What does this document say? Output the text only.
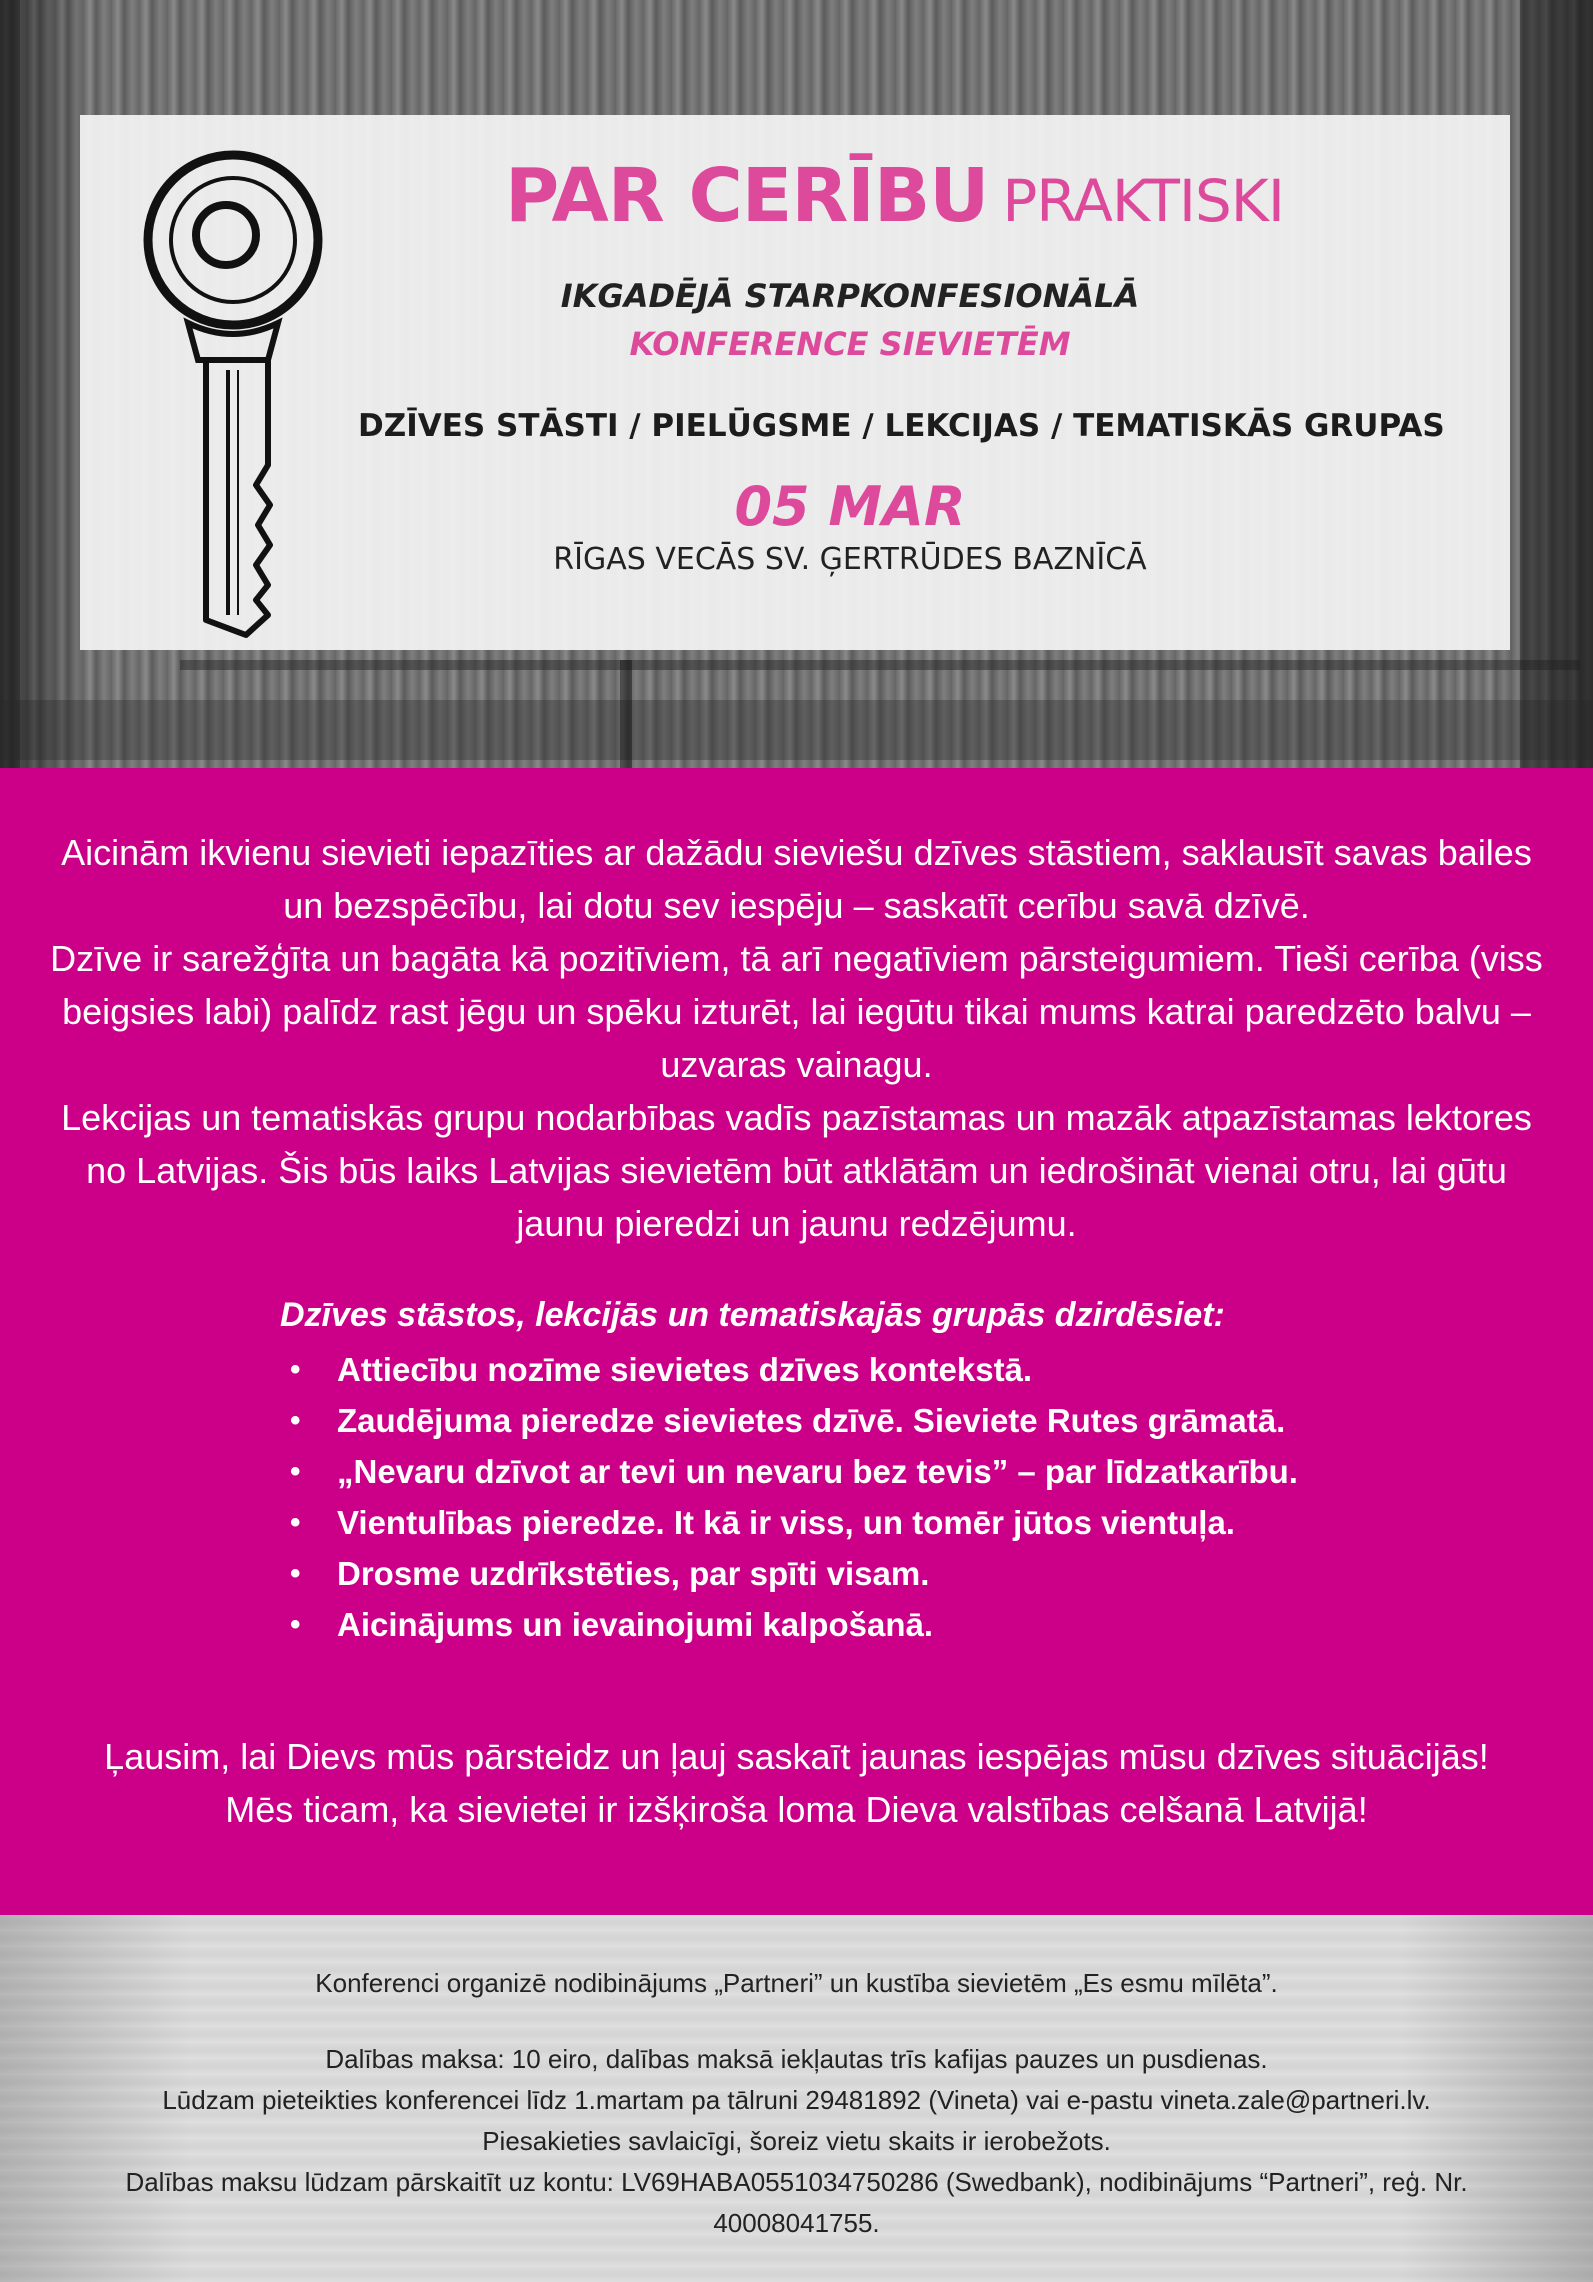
PAR CERĪBU PRAKTISKI
IKGADĒJĀ STARPKONFESIONĀLĀ
KONFERENCE SIEVIETĒM
DZĪVES STĀSTI / PIELŪGSME / LEKCIJAS / TEMATISKĀS GRUPAS
05 MAR
RĪGAS VECĀS SV. ĢERTRŪDES BAZNĪCĀ

Aicinām ikvienu sievieti iepazīties ar dažādu sieviešu dzīves stāstiem, saklausīt savas bailes un bezspēcību, lai dotu sev iespēju – saskatīt cerību savā dzīvē.

Dzīve ir sarežģīta un bagāta kā pozitīviem, tā arī negatīviem pārsteigumiem. Tieši cerība (viss beigsies labi) palīdz rast jēgu un spēku izturēt, lai iegūtu tikai mums katrai paredzēto balvu – uzvaras vainagu.

Lekcijas un tematiskās grupu nodarbības vadīs pazīstamas un mazāk atpazīstamas lektores no Latvijas. Šis būs laiks Latvijas sievietēm būt atklātām un iedrošināt vienai otru, lai gūtu jaunu pieredzi un jaunu redzējumu.

Dzīves stāstos, lekcijās un tematiskajās grupās dzirdēsiet:

• Attiecību nozīme sievietes dzīves kontekstā.
• Zaudējuma pieredze sievietes dzīvē. Sieviete Rutes grāmatā.
• „Nevaru dzīvot ar tevi un nevaru bez tevis” – par līdzatkarību.
• Vientulības pieredze. It kā ir viss, un tomēr jūtos vientuļa.
• Drosme uzdrīkstēties, par spīti visam.
• Aicinājums un ievainojumi kalpošanā.

Ļausim, lai Dievs mūs pārsteidz un ļauj saskaīt jaunas iespējas mūsu dzīves situācijās!

Mēs ticam, ka sievietei ir izšķiroša loma Dieva valstības celšanā Latvijā!

Konferenci organizē nodibinājums „Partneri” un kustība sievietēm „Es esmu mīlēta”.

Dalības maksa: 10 eiro, dalības maksā iekļautas trīs kafijas pauzes un pusdienas.

Lūdzam pieteikties konferencei līdz 1.martam pa tālruni 29481892 (Vineta) vai e-pastu vineta.zale@partneri.lv.

Piesakieties savlaicīgi, šoreiz vietu skaits ir ierobežots.

Dalības maksu lūdzam pārskaitīt uz kontu: LV69HABA0551034750286 (Swedbank), nodibinājums “Partneri”, reģ. Nr. 40008041755.
